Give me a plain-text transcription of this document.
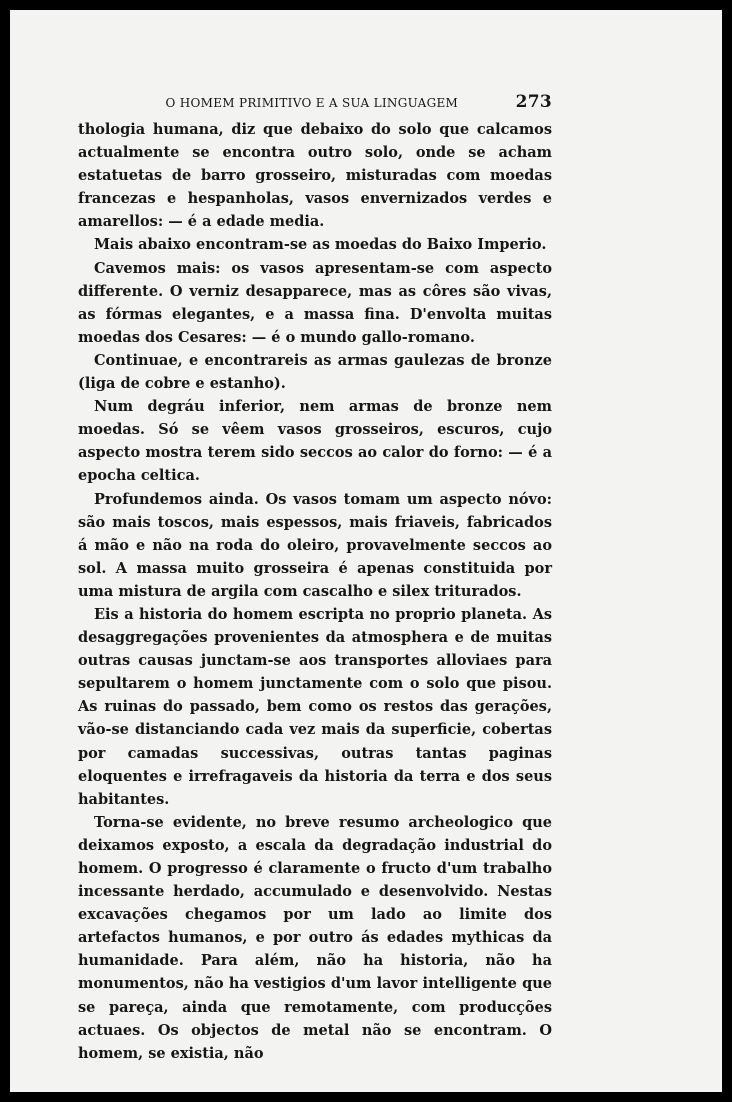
O HOMEM PRIMITIVO E A SUA LINGUAGEM	273

thologia humana, diz que debaixo do solo que calcamos actualmente se encontra outro solo, onde se acham estatuetas de barro grosseiro, misturadas com moedas francezas e hespanholas, vasos envernizados verdes e amarellos: — é a edade media.

Mais abaixo encontram-se as moedas do Baixo Imperio.

Cavemos mais: os vasos apresentam-se com aspecto differente. O verniz desapparece, mas as côres são vivas, as fórmas elegantes, e a massa fina. D'envolta muitas moedas dos Cesares: — é o mundo gallo-romano.

Continuae, e encontrareis as armas gaulezas de bronze (liga de cobre e estanho).

Num degráu inferior, nem armas de bronze nem moedas. Só se vêem vasos grosseiros, escuros, cujo aspecto mostra terem sido seccos ao calor do forno: — é a epocha celtica.

Profundemos ainda. Os vasos tomam um aspecto nóvo: são mais toscos, mais espessos, mais friaveis, fabricados á mão e não na roda do oleiro, provavelmente seccos ao sol. A massa muito grosseira é apenas constituida por uma mistura de argila com cascalho e silex triturados.

Eis a historia do homem escripta no proprio planeta. As desaggregações provenientes da atmosphera e de muitas outras causas junctam-se aos transportes alloviaes para sepultarem o homem junctamente com o solo que pisou. As ruinas do passado, bem como os restos das gerações, vão-se distanciando cada vez mais da superficie, cobertas por camadas successivas, outras tantas paginas eloquentes e irrefragaveis da historia da terra e dos seus habitantes.

Torna-se evidente, no breve resumo archeologico que deixamos exposto, a escala da degradação industrial do homem. O progresso é claramente o fructo d'um trabalho incessante herdado, accumulado e desenvolvido. Nestas excavações chegamos por um lado ao limite dos artefactos humanos, e por outro ás edades mythicas da humanidade. Para além, não ha historia, não ha monumentos, não ha vestigios d'um lavor intelligente que se pareça, ainda que remotamente, com producções actuaes. Os objectos de metal não se encontram. O homem, se existia, não
